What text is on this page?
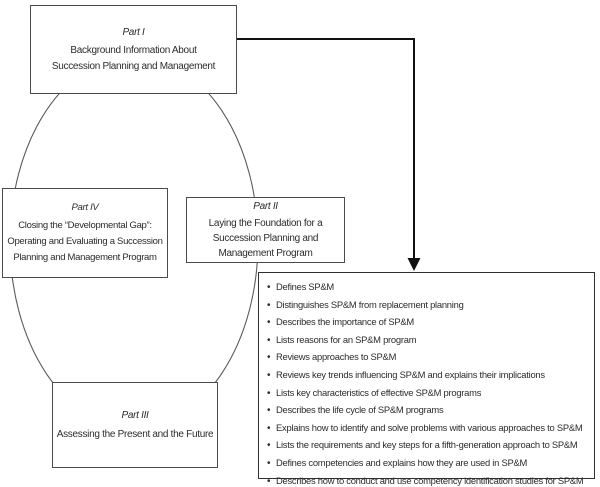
Part I
Background Information About
Succession Planning and Management
Part IV
Closing the “Developmental Gap”:
Operating and Evaluating a Succession
Planning and Management Program
Part II
Laying the Foundation for a
Succession Planning and
Management Program
Part III
Assessing the Present and the Future
• Defines SP&M
• Distinguishes SP&M from replacement planning
• Describes the importance of SP&M
• Lists reasons for an SP&M program
• Reviews approaches to SP&M
• Reviews key trends influencing SP&M and explains their implications
• Lists key characteristics of effective SP&M programs
• Describes the life cycle of SP&M programs
• Explains how to identify and solve problems with various approaches to SP&M
• Lists the requirements and key steps for a fifth-generation approach to SP&M
• Defines competencies and explains how they are used in SP&M
• Describes how to conduct and use competency identification studies for SP&M
